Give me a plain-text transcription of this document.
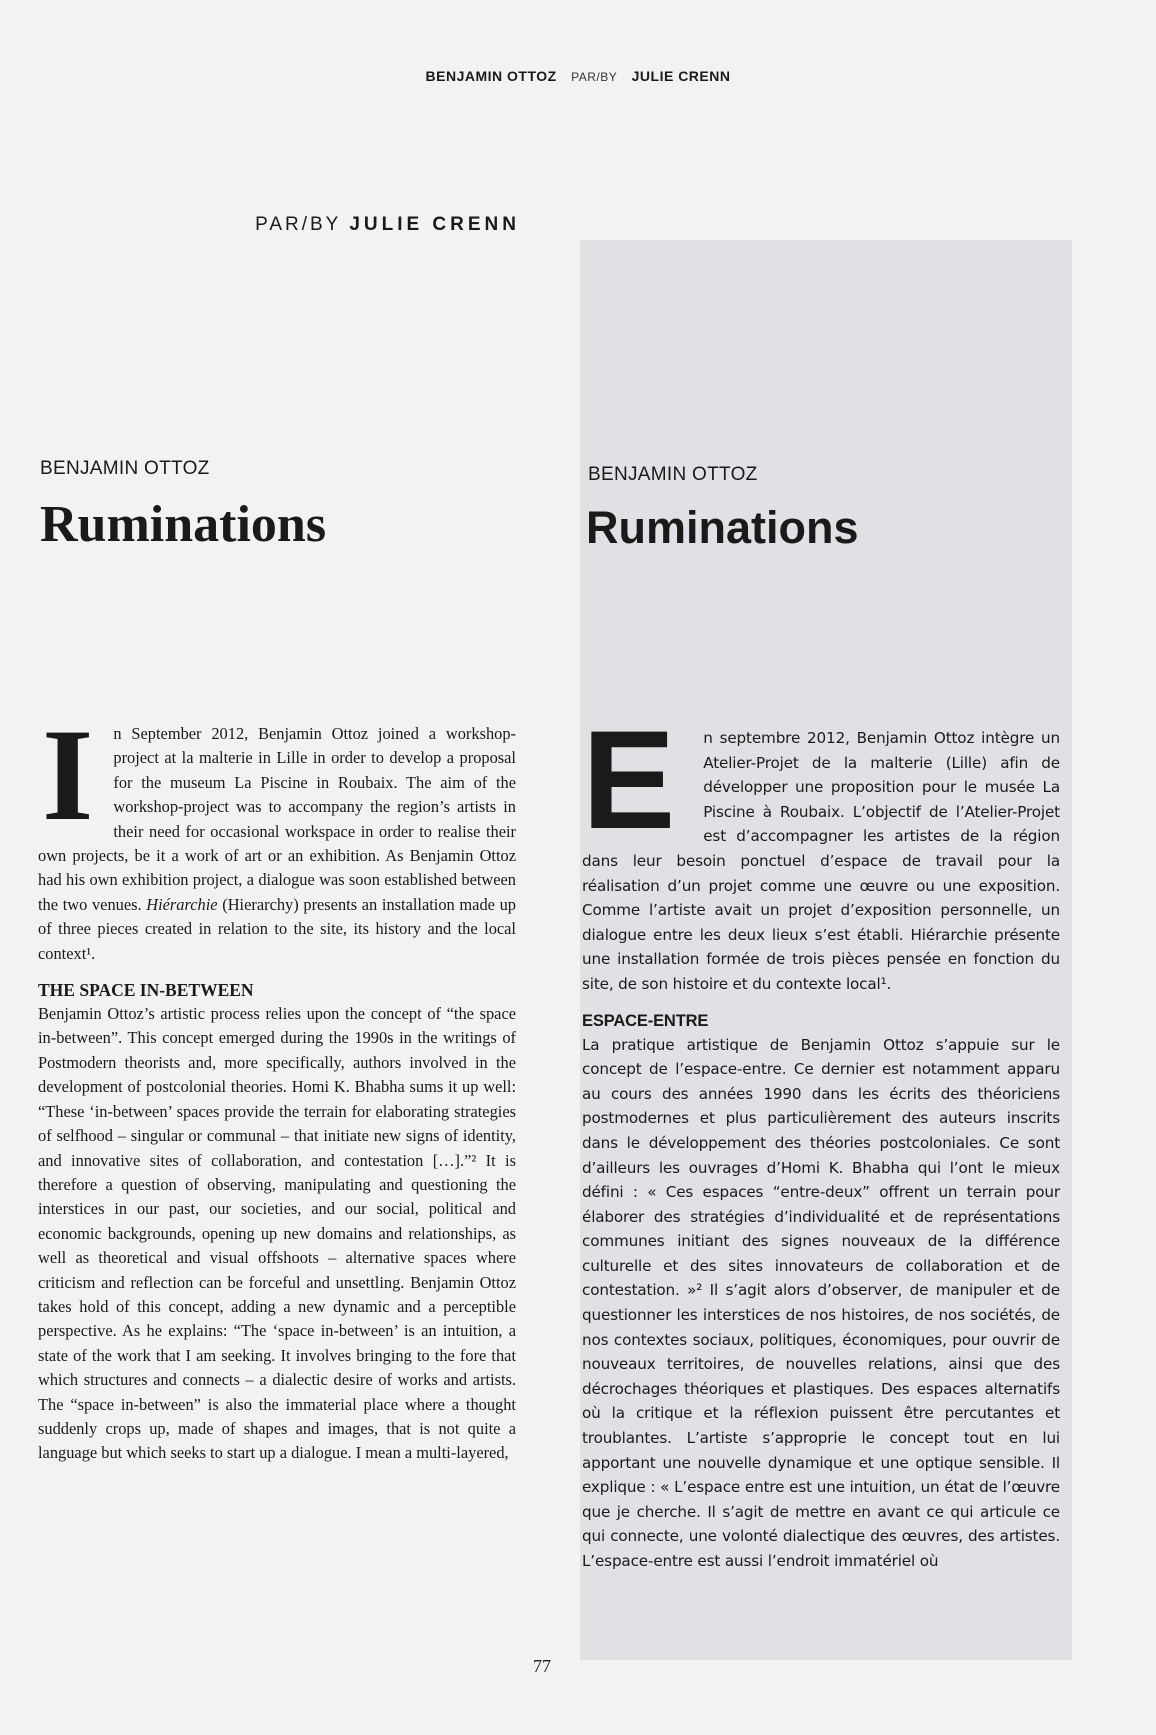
BENJAMIN OTTOZ PAR/BY JULIE CRENN
PAR/BY JULIE CRENN
BENJAMIN OTTOZ
Ruminations
BENJAMIN OTTOZ
Ruminations

I n September 2012, Benjamin Ottoz joined a workshop-project at la malterie in Lille in order to develop a proposal for the museum La Piscine in Roubaix. The aim of the workshop-project was to accompany the region’s artists in their need for occasional workspace in order to realise their own projects, be it a work of art or an exhibition. As Benjamin Ottoz had his own exhibition project, a dialogue was soon established between the two venues. Hiérarchie (Hierarchy) presents an installation made up of three pieces created in relation to the site, its history and the local context¹.

THE SPACE IN-BETWEEN

Benjamin Ottoz’s artistic process relies upon the concept of “the space in-between”. This concept emerged during the 1990s in the writings of Postmodern theorists and, more specifically, authors involved in the development of postcolonial theories. Homi K. Bhabha sums it up well: “These ‘in-between’ spaces provide the terrain for elaborating strategies of selfhood – singular or communal – that initiate new signs of identity, and innovative sites of collaboration, and contestation […].”² It is therefore a question of observing, manipulating and questioning the interstices in our past, our societies, and our social, political and economic backgrounds, opening up new domains and relationships, as well as theoretical and visual offshoots – alternative spaces where criticism and reflection can be forceful and unsettling. Benjamin Ottoz takes hold of this concept, adding a new dynamic and a perceptible perspective. As he explains: “The ‘space in-between’ is an intuition, a state of the work that I am seeking. It involves bringing to the fore that which structures and connects – a dialectic desire of works and artists. The “space in-between” is also the immaterial place where a thought suddenly crops up, made of shapes and images, that is not quite a language but which seeks to start up a dialogue. I mean a multi-layered,

E n septembre 2012, Benjamin Ottoz intègre un Atelier-Projet de la malterie (Lille) afin de développer une proposition pour le musée La Piscine à Roubaix. L’objectif de l’Atelier-Projet est d’accompagner les artistes de la région dans leur besoin ponctuel d’espace de travail pour la réalisation d’un projet comme une œuvre ou une exposition. Comme l’artiste avait un projet d’exposition personnelle, un dialogue entre les deux lieux s’est établi. Hiérarchie présente une installation formée de trois pièces pensée en fonction du site, de son histoire et du contexte local¹.

ESPACE-ENTRE

La pratique artistique de Benjamin Ottoz s’appuie sur le concept de l’espace-entre. Ce dernier est notamment apparu au cours des années 1990 dans les écrits des théoriciens postmodernes et plus particulièrement des auteurs inscrits dans le développement des théories postcoloniales. Ce sont d’ailleurs les ouvrages d’Homi K. Bhabha qui l’ont le mieux défini : « Ces espaces “entre-deux” offrent un terrain pour élaborer des stratégies d’individualité et de représentations communes initiant des signes nouveaux de la différence culturelle et des sites innovateurs de collaboration et de contestation. »² Il s’agit alors d’observer, de manipuler et de questionner les interstices de nos histoires, de nos sociétés, de nos contextes sociaux, politiques, économiques, pour ouvrir de nouveaux territoires, de nouvelles relations, ainsi que des décrochages théoriques et plastiques. Des espaces alternatifs où la critique et la réflexion puissent être percutantes et troublantes. L’artiste s’approprie le concept tout en lui apportant une nouvelle dynamique et une optique sensible. Il explique : « L’espace entre est une intuition, un état de l’œuvre que je cherche. Il s’agit de mettre en avant ce qui articule ce qui connecte, une volonté dialectique des œuvres, des artistes. L’espace-entre est aussi l’endroit immatériel où

77
